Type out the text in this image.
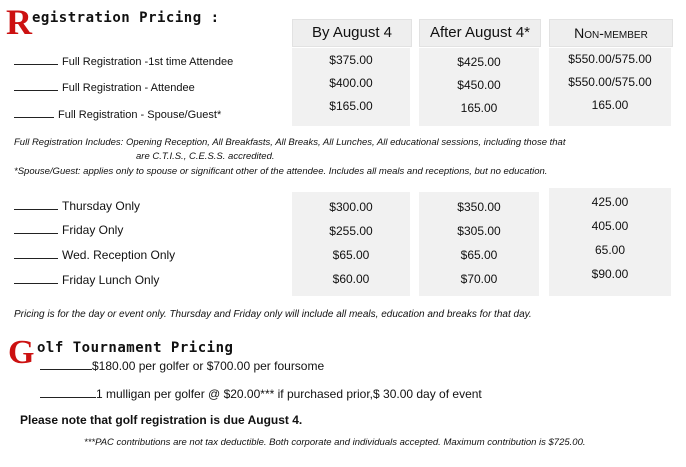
R egistration Pricing :
By August 4	After August 4*	Non-member
Full Registration -1st time Attendee
Full Registration - Attendee
Full Registration - Spouse/Guest*
$375.00
$400.00
$165.00
$425.00
$450.00
165.00
$550.00/575.00
$550.00/575.00
165.00
Full Registration Includes: Opening Reception, All Breakfasts, All Breaks, All Lunches, All educational sessions, including those that
are C.T.I.S., C.E.S.S. accredited.
*Spouse/Guest: applies only to spouse or significant other of the attendee. Includes all meals and receptions, but no education.
Thursday Only
Friday Only
Wed. Reception Only
Friday Lunch Only
$300.00
$255.00
$65.00
$60.00
$350.00
$305.00
$65.00
$70.00
425.00
405.00
65.00
$90.00
Pricing is for the day or event only. Thursday and Friday only will include all meals, education and breaks for that day.
G olf Tournament Pricing
$180.00 per golfer or $700.00 per foursome
1 mulligan per golfer @ $20.00*** if purchased prior,$ 30.00 day of event
Please note that golf registration is due August 4.
***PAC contributions are not tax deductible. Both corporate and individuals accepted. Maximum contribution is $725.00.
